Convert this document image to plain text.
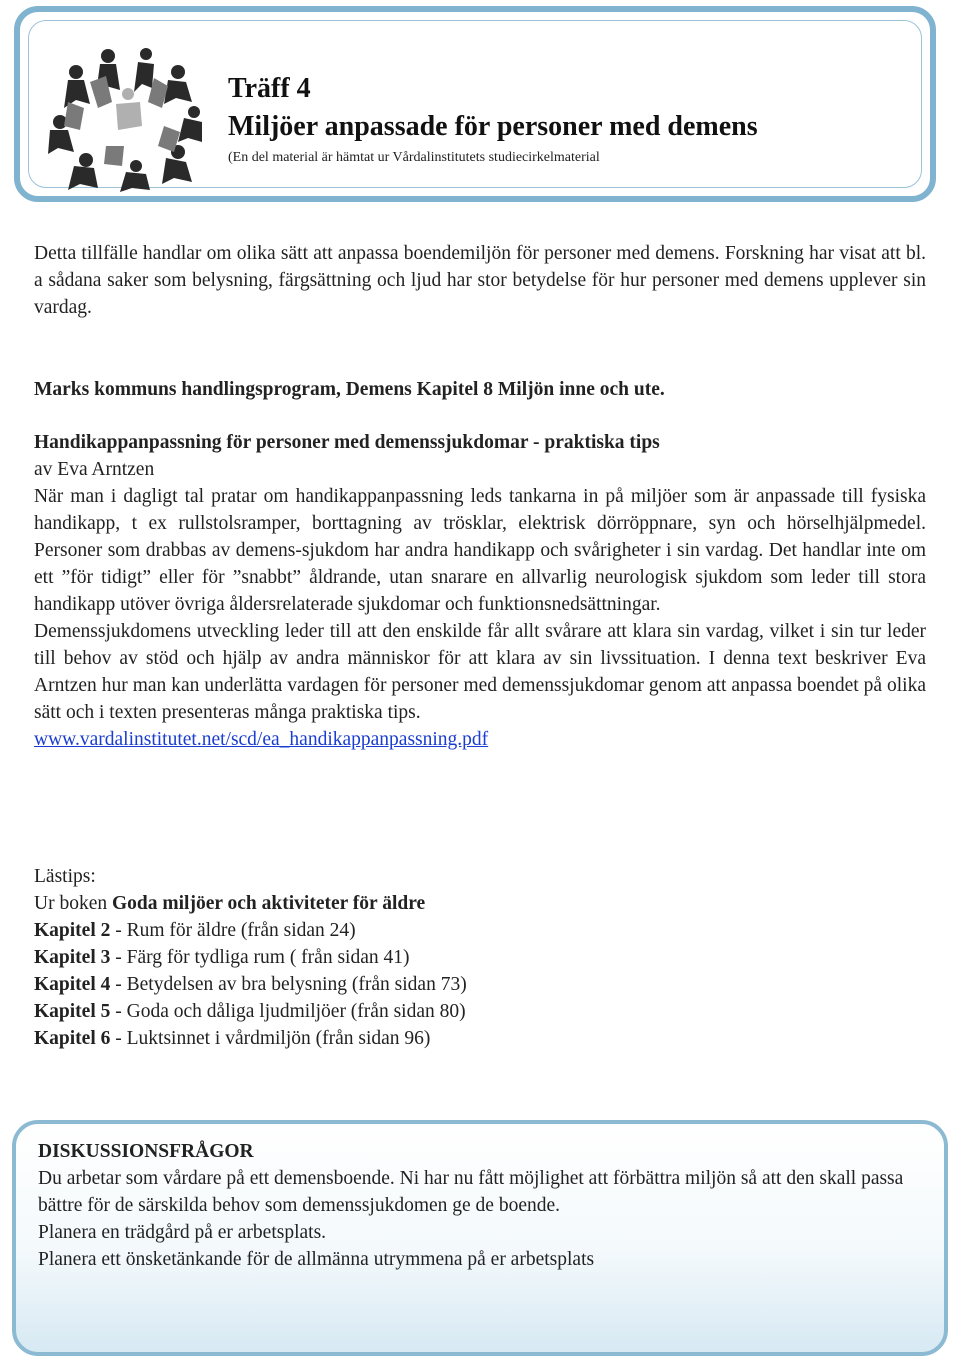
Träff 4
Miljöer anpassade för personer med demens
(En del material är hämtat ur Vårdalinstitutets studiecirkelmaterial

Detta tillfälle handlar om olika sätt att anpassa boendemiljön för personer med demens. Forskning har visat att bl. a sådana saker som belysning, färgsättning och ljud har stor betydelse för hur personer med demens upplever sin vardag.

Marks kommuns handlingsprogram, Demens Kapitel 8 Miljön inne och ute.
Handikappanpassning för personer med demenssjukdomar - praktiska tips
av Eva Arntzen

När man i dagligt tal pratar om handikappanpassning leds tankarna in på miljöer som är anpassade till fysiska handikapp, t ex rullstolsramper, borttagning av trösklar, elektrisk dörröppnare, syn och hörselhjälpmedel. Personer som drabbas av demens-sjukdom har andra handikapp och svårigheter i sin vardag. Det handlar inte om ett ”för tidigt” eller för ”snabbt” åldrande, utan snarare en allvarlig neurologisk sjukdom som leder till stora handikapp utöver övriga åldersrelaterade sjukdomar och funktionsnedsättningar.

Demenssjukdomens utveckling leder till att den enskilde får allt svårare att klara sin vardag, vilket i sin tur leder till behov av stöd och hjälp av andra människor för att klara av sin livssituation. I denna text beskriver Eva Arntzen hur man kan underlätta vardagen för personer med demenssjukdomar genom att anpassa boendet på olika sätt och i texten presenteras många praktiska tips.

www.vardalinstitutet.net/scd/ea_handikappanpassning.pdf
Lästips:
Ur boken Goda miljöer och aktiviteter för äldre
Kapitel 2 - Rum för äldre (från sidan 24)
Kapitel 3 - Färg för tydliga rum ( från sidan 41)
Kapitel 4 - Betydelsen av bra belysning (från sidan 73)
Kapitel 5 - Goda och dåliga ljudmiljöer (från sidan 80)
Kapitel 6 - Luktsinnet i vårdmiljön (från sidan 96)
DISKUSSIONSFRÅGOR
Du arbetar som vårdare på ett demensboende. Ni har nu fått möjlighet att förbättra miljön så att den skall passa bättre för de särskilda behov som demenssjukdomen ge de boende.
Planera en trädgård på er arbetsplats.
Planera ett önsketänkande för de allmänna utrymmena på er arbetsplats
